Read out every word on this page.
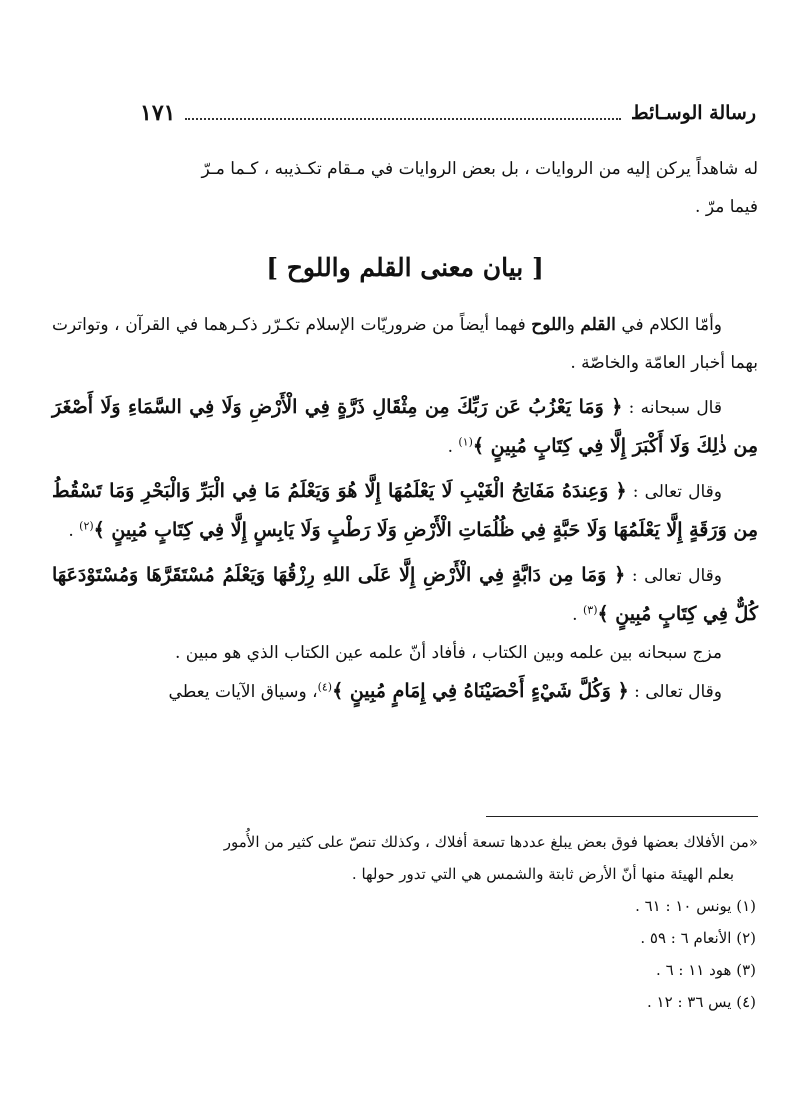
رسالة الوسـائط
١٧١

له شاهداً يركن إليه من الروايات ، بل بعض الروايات في مـقام تكـذيبه ، كـما مـرّ
فيما مرّ .

[ بيان معنى القلم واللوح ]

وأمّا الكلام في القلم واللوح فهما أيضاً من ضروريّات الإسلام تكـرّر ذكـرهما في القرآن ، وتواترت بهما أخبار العامّة والخاصّة .

قال سبحانه : ﴿ وَمَا يَعْزُبُ عَن رَبِّكَ مِن مِثْقَالِ ذَرَّةٍ فِي الْأَرْضِ وَلَا فِي السَّمَاءِ وَلَا أَصْغَرَ مِن ذٰلِكَ وَلَا أَكْبَرَ إِلَّا فِي كِتَابٍ مُبِينٍ ﴾$^{(١)}$ .

وقال تعالى : ﴿ وَعِندَهُ مَفَاتِحُ الْغَيْبِ لَا يَعْلَمُهَا إِلَّا هُوَ وَيَعْلَمُ مَا فِي الْبَرِّ وَالْبَحْرِ وَمَا تَسْقُطُ مِن وَرَقَةٍ إِلَّا يَعْلَمُهَا وَلَا حَبَّةٍ فِي ظُلُمَاتِ الْأَرْضِ وَلَا رَطْبٍ وَلَا يَابِسٍ إِلَّا فِي كِتَابٍ مُبِينٍ ﴾$^{(٢)}$ .

وقال تعالى : ﴿ وَمَا مِن دَابَّةٍ فِي الْأَرْضِ إِلَّا عَلَى اللهِ رِزْقُهَا وَيَعْلَمُ مُسْتَقَرَّهَا وَمُسْتَوْدَعَهَا كُلٌّ فِي كِتَابٍ مُبِينٍ ﴾$^{(٣)}$ .

مزج سبحانه بين علمه وبين الكتاب ، فأفاد أنّ علمه عين الكتاب الذي هو مبين .

وقال تعالى : ﴿ وَكُلَّ شَيْءٍ أَحْصَيْنَاهُ فِي إِمَامٍ مُبِينٍ ﴾$^{(٤)}$، وسياق الآيات يعطي

«من الأفلاك بعضها فوق بعض يبلغ عددها تسعة أفلاك ، وكذلك تنصّ على كثير من الأُمور

بعلم الهيئة منها أنّ الأرض ثابتة والشمس هي التي تدور حولها .

(١) يونس ١٠ : ٦١ .

(٢) الأنعام ٦ : ٥٩ .

(٣) هود ١١ : ٦ .

(٤) يس ٣٦ : ١٢ .
